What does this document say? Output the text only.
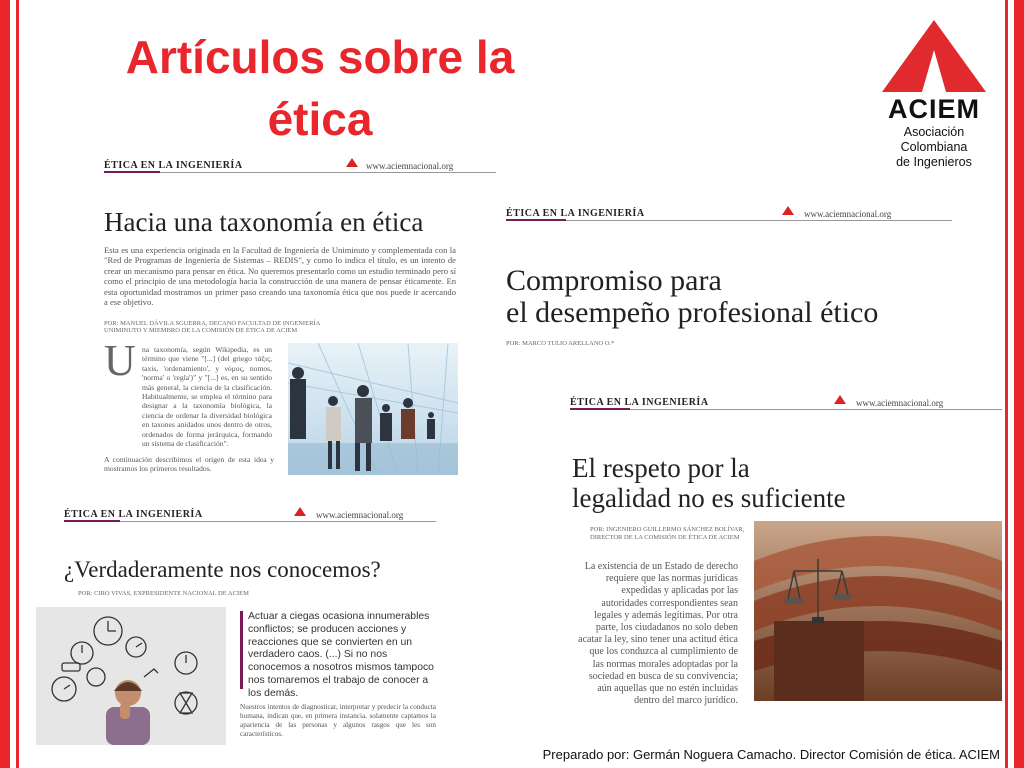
Artículos sobre la
ética	ACIEM
Asociación Colombiana
de Ingenieros
ÉTICA EN LA INGENIERÍA	www.aciemnacional.org
Hacia una taxonomía en ética
Esta es una experiencia originada en la Facultad de Ingeniería de Uniminuto y complementada con la "Red de Programas de Ingeniería de Sistemas – REDIS", y como lo indica el título, es un intento de crear un mecanismo para pensar en ética. No queremos presentarlo como un estudio terminado pero sí como el principio de una metodología hacia la construcción de una manera de pensar éticamente. En esta oportunidad mostramos un primer paso creando una taxonomía ética que nos puede ir acercando a ese objetivo.
POR: MANUEL DÁVILA SGUERRA, DECANO FACULTAD DE INGENIERÍA UNIMINUTO Y MIEMBRO DE LA COMISIÓN DE ÉTICA DE ACIEM
U na taxonomía, según Wikipedia, es un término que viene "[...] (del griego τάξις, taxis, 'ordenamiento', y νόμος, nomos, 'norma' o 'regla')" y "[...] es, en su sentido más general, la ciencia de la clasificación. Habitualmente, se emplea el término para designar a la taxonomía biológica, la ciencia de ordenar la diversidad biológica en taxones anidados unos dentro de otros, ordenados de forma jerárquica, formando un sistema de clasificación".
A continuación describimos el origen de esta idea y mostramos los primeros resultados.
ÉTICA EN LA INGENIERÍA	www.aciemnacional.org
Compromiso para
el desempeño profesional ético
POR: MARCO TULIO ARELLANO O.*
ÉTICA EN LA INGENIERÍA	www.aciemnacional.org
El respeto por la
legalidad no es suficiente
POR: INGENIERO GUILLERMO SÁNCHEZ BOLÍVAR,
DIRECTOR DE LA COMISIÓN DE ÉTICA DE ACIEM
La existencia de un Estado de derecho requiere que las normas jurídicas expedidas y aplicadas por las autoridades correspondientes sean legales y además legítimas. Por otra parte, los ciudadanos no solo deben acatar la ley, sino tener una actitud ética que los conduzca al cumplimiento de las normas morales adoptadas por la sociedad en busca de su convivencia; aún aquellas que no estén incluidas dentro del marco jurídico.
ÉTICA EN LA INGENIERÍA	www.aciemnacional.org
¿Verdaderamente nos conocemos?
POR: CIRO VIVAS, EXPRESIDENTE NACIONAL DE ACIEM
Actuar a ciegas ocasiona innumerables conflictos; se producen acciones y reacciones que se convierten en un verdadero caos. (...) Si no nos conocemos a nosotros mismos tampoco nos tomaremos el trabajo de conocer a los demás.
Nuestros intentos de diagnosticar, interpretar y predecir la conducta humana, indican que, en primera instancia, solamente captamos la apariencia de las personas y algunos rasgos que les son característicos.
Preparado por: Germán Noguera Camacho. Director Comisión de ética. ACIEM
